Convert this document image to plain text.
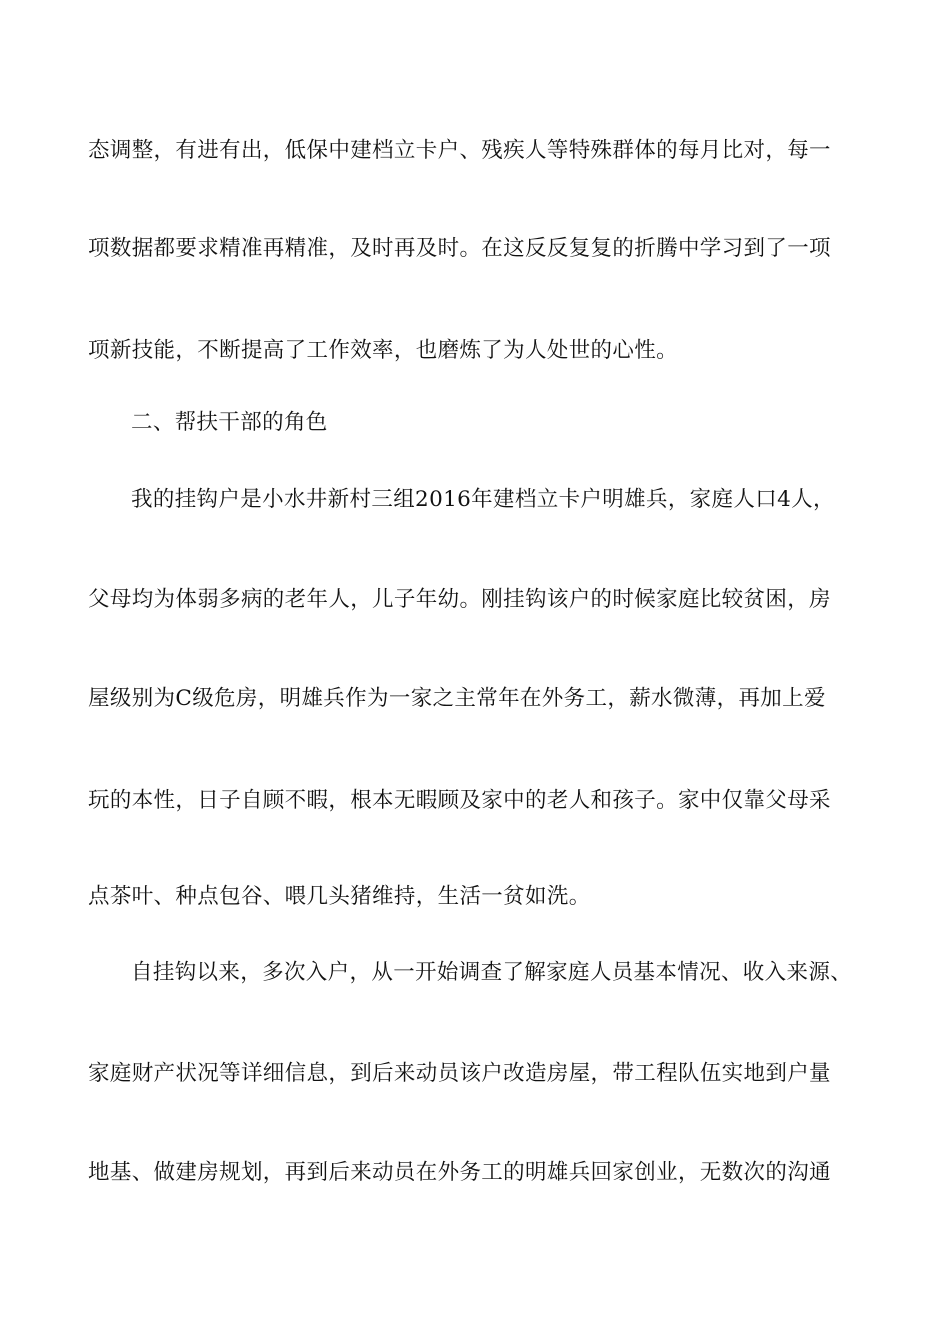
态调整，有进有出，低保中建档立卡户、残疾人等特殊群体的每月比对，每一
项数据都要求精准再精准，及时再及时。在这反反复复的折腾中学习到了一项
项新技能，不断提高了工作效率，也磨炼了为人处世的心性。
二、帮扶干部的角色
我的挂钩户是小水井新村三组2016年建档立卡户明雄兵，家庭人口4人，
父母均为体弱多病的老年人，儿子年幼。刚挂钩该户的时候家庭比较贫困，房
屋级别为C级危房，明雄兵作为一家之主常年在外务工，薪水微薄，再加上爱
玩的本性，日子自顾不暇，根本无暇顾及家中的老人和孩子。家中仅靠父母采
点茶叶、种点包谷、喂几头猪维持，生活一贫如洗。
自挂钩以来，多次入户，从一开始调查了解家庭人员基本情况、收入来源、
家庭财产状况等详细信息，到后来动员该户改造房屋，带工程队伍实地到户量
地基、做建房规划，再到后来动员在外务工的明雄兵回家创业，无数次的沟通
